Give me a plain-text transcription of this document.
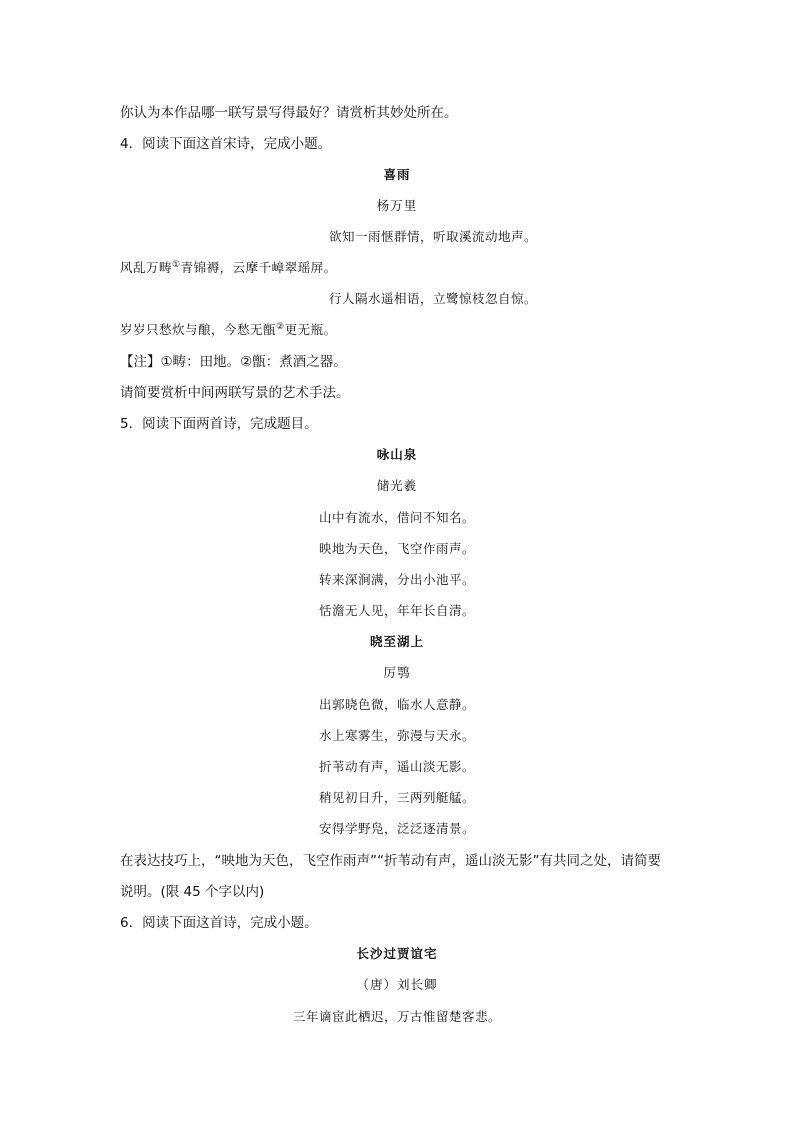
你认为本作品哪一联写景写得最好？请赏析其妙处所在。
4．阅读下面这首宋诗，完成小题。
喜雨
杨万里
欲知一雨惬群情，听取溪流动地声。
风乱万畴①青锦褥，云摩千嶂翠瑶屏。
行人隔水遥相语，立鹭惊枝忽自惊。
岁岁只愁炊与酿，今愁无甑②更无瓶。
【注】①畴：田地。②甑：煮酒之器。
请简要赏析中间两联写景的艺术手法。
5．阅读下面两首诗，完成题目。
咏山泉
储光羲
山中有流水，借问不知名。
映地为天色，飞空作雨声。
转来深涧满，分出小池平。
恬澹无人见，年年长自清。
晓至湖上
厉鹗
出郭晓色微，临水人意静。
水上寒雾生，弥漫与天永。
折苇动有声，遥山淡无影。
稍见初日升，三两列艇艋。
安得学野凫，泛泛逐清景。
在表达技巧上，“映地为天色，飞空作雨声”“折苇动有声，遥山淡无影”有共同之处，请简要
说明。(限 45 个字以内)
6．阅读下面这首诗，完成小题。
长沙过贾谊宅
（唐）刘长卿
三年谪宦此栖迟，万古惟留楚客悲。
